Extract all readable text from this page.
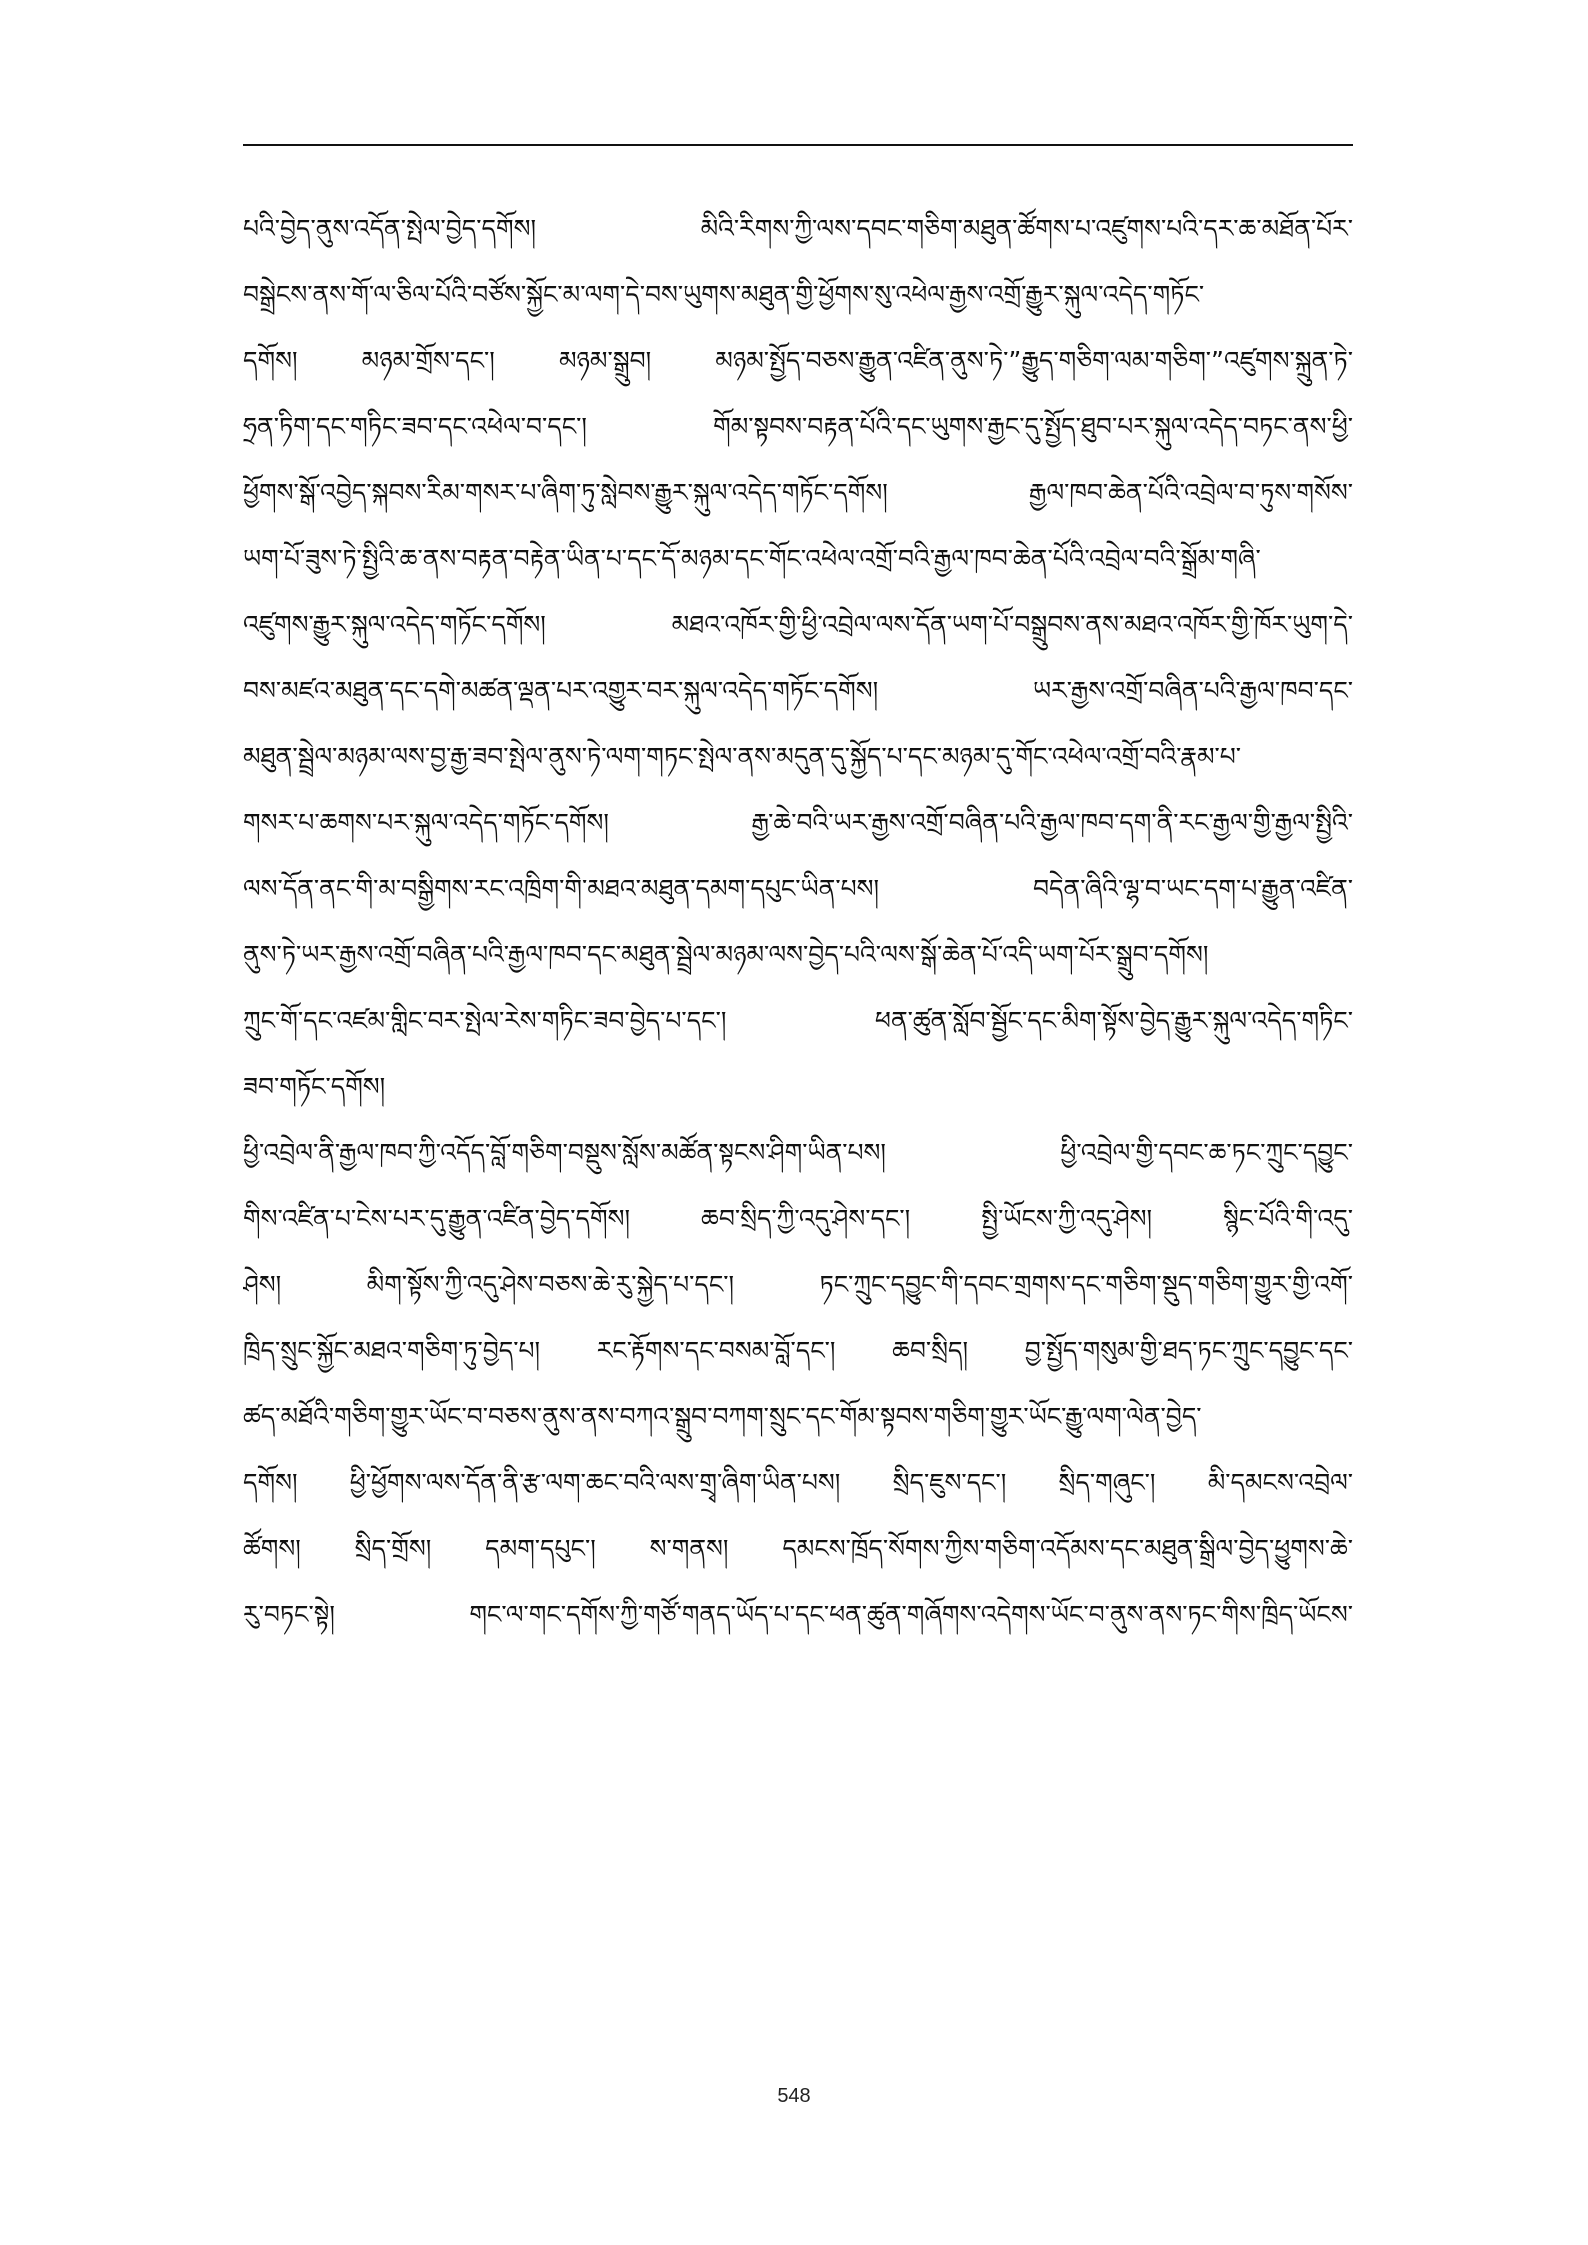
པའི་བྱེད་ནུས་འདོན་སྤེལ་བྱེད་དགོས། མིའི་རིགས་ཀྱི་ལས་དབང་གཅིག་མཐུན་ཚོགས་པ་འཛུགས་པའི་དར་ཆ་མཐོན་པོར་
བསྒྲེངས་ནས་གོ་ལ་ཅིལ་པོའི་བཙོས་སྐྱོང་མ་ལག་དེ་བས་ཡུགས་མཐུན་གྱི་ཕྱོགས་སུ་འཕེལ་རྒྱས་འགྲོ་རྒྱུར་སྐུལ་འདེད་གཏོང་
དགོས། མཉམ་གྲོས་དང་། མཉམ་སྒྲུབ། མཉམ་སྤྱོད་བཅས་རྒྱུན་འཛིན་ནུས་ཏེ་”རྒྱུད་གཅིག་ལམ་གཅིག་”འཛུགས་སྐྲུན་ཏེ་
ཧྲན་ཏིག་དང་གཏིང་ཟབ་དང་འཕེལ་བ་དང་། གོམ་སྟབས་བརྟན་པོའི་དང་ཡུགས་རྒྱང་དུ་སྤྱོད་ཐུབ་པར་སྐུལ་འདེད་བཏང་ནས་ཕྱི་
ཕྱོགས་སྒོ་འབྱེད་སྐབས་རིམ་གསར་པ་ཞིག་ཏུ་སླེབས་རྒྱུར་སྐུལ་འདེད་གཏོང་དགོས། རྒྱལ་ཁབ་ཆེན་པོའི་འབྲེལ་བ་ཏུས་གསོས་
ཡག་པོ་ཟུས་ཏེ་སྤྱིའི་ཆ་ནས་བརྟན་བརྟེན་ཡིན་པ་དང་དོ་མཉམ་དང་གོང་འཕེལ་འགྲོ་བའི་རྒྱལ་ཁབ་ཆེན་པོའི་འབྲེལ་བའི་སྒྲོམ་གཞི་
འཛུགས་རྒྱུར་སྐུལ་འདེད་གཏོང་དགོས། མཐའ་འཁོར་གྱི་ཕྱི་འབྲེལ་ལས་དོན་ཡག་པོ་བསྒྲུབས་ནས་མཐའ་འཁོར་གྱི་ཁོར་ཡུག་དེ་
བས་མཛའ་མཐུན་དང་དགེ་མཚན་ལྡན་པར་འགྱུར་བར་སྐུལ་འདེད་གཏོང་དགོས། ཡར་རྒྱས་འགྲོ་བཞིན་པའི་རྒྱལ་ཁབ་དང་
མཐུན་སྦྲེལ་མཉམ་ལས་བྱ་རྒྱ་ཟབ་སྤེལ་ནུས་ཏེ་ལག་གཏང་སྤེལ་ནས་མདུན་དུ་སྐྱོད་པ་དང་མཉམ་དུ་གོང་འཕེལ་འགྲོ་བའི་རྣམ་པ་
གསར་པ་ཆགས་པར་སྐུལ་འདེད་གཏོང་དགོས། རྒྱ་ཆེ་བའི་ཡར་རྒྱས་འགྲོ་བཞིན་པའི་རྒྱལ་ཁབ་དག་ནི་རང་རྒྱལ་གྱི་རྒྱལ་སྤྱིའི་
ལས་དོན་ནང་གི་མ་བསྒྱིགས་རང་འཁྲིག་གི་མཐའ་མཐུན་དམག་དཔུང་ཡིན་པས། བདེན་ཞིའི་ལྷ་བ་ཡང་དག་པ་རྒྱུན་འཛིན་
ནུས་ཏེ་ཡར་རྒྱས་འགྲོ་བཞིན་པའི་རྒྱལ་ཁབ་དང་མཐུན་སྦྲེལ་མཉམ་ལས་བྱེད་པའི་ལས་སྒོ་ཆེན་པོ་འདི་ཡག་པོར་སྒྲུབ་དགོས།
ཀྲུང་གོ་དང་འཛམ་གླིང་བར་སྤེལ་རེས་གཏིང་ཟབ་བྱེད་པ་དང་། ཕན་ཚུན་སློབ་སྦྱོང་དང་མིག་སྟོས་བྱེད་རྒྱུར་སྐུལ་འདེད་གཏིང་
ཟབ་གཏོང་དགོས།
ཕྱི་འབྲེལ་ནི་རྒྱལ་ཁབ་ཀྱི་འདོད་བློ་གཅིག་བསྡུས་སློས་མཚོན་སྟངས་ཤིག་ཡིན་པས། ཕྱི་འབྲེལ་གྱི་དབང་ཆ་ཏང་ཀྲུང་དབྱུང་
གིས་འཛིན་པ་ངེས་པར་དུ་རྒྱུན་འཛིན་བྱེད་དགོས། ཆབ་སྲིད་ཀྱི་འདུ་ཤེས་དང་། སྤྱི་ཡོངས་ཀྱི་འདུ་ཤེས། སྙིང་པོའི་གི་འདུ་
ཤེས། མིག་སྟོས་ཀྱི་འདུ་ཤེས་བཅས་ཆེ་རུ་སྐྱེད་པ་དང་། ཏང་ཀྲུང་དབྱུང་གི་དབང་གྲགས་དང་གཅིག་སྡུད་གཅིག་གྱུར་གྱི་འགོ་
ཁྲིད་སྲུང་སྐྱོང་མཐའ་གཅིག་ཏུ་བྱེད་པ། རང་རྟོགས་དང་བསམ་བློ་དང་། ཆབ་སྲིད། བྱ་སྤྱོད་གསུམ་གྱི་ཐད་ཏང་ཀྲུང་དབྱུང་དང་
ཚད་མཐོའི་གཅིག་གྱུར་ཡོང་བ་བཅས་ནུས་ནས་བཀའ་སྒྲུབ་བཀག་སྲུང་དང་གོམ་སྟབས་གཅིག་གྱུར་ཡོང་རྒྱུ་ལག་ལེན་བྱེད་
དགོས། ཕྱི་ཕྱོགས་ལས་དོན་ནི་རྩ་ལག་ཆང་བའི་ལས་གྲྭ་ཞིག་ཡིན་པས། སྲིད་ཇུས་དང་། སྲིད་གཞུང་། མི་དམངས་འབྲེལ་
ཚོགས། སྲིད་གྲོས། དམག་དཔུང་། ས་གནས། དམངས་ཁྲོད་སོགས་ཀྱིས་གཅིག་འདོམས་དང་མཐུན་སྒྲིལ་བྱེད་ཕྱུགས་ཆེ་
རུ་བཏང་སྟེ། གང་ལ་གང་དགོས་ཀྱི་གཙོ་གནད་ཡོད་པ་དང་ཕན་ཚུན་གཞོགས་འདེགས་ཡོང་བ་ནུས་ནས་ཏང་གིས་ཁྲིད་ཡོངས་
548
